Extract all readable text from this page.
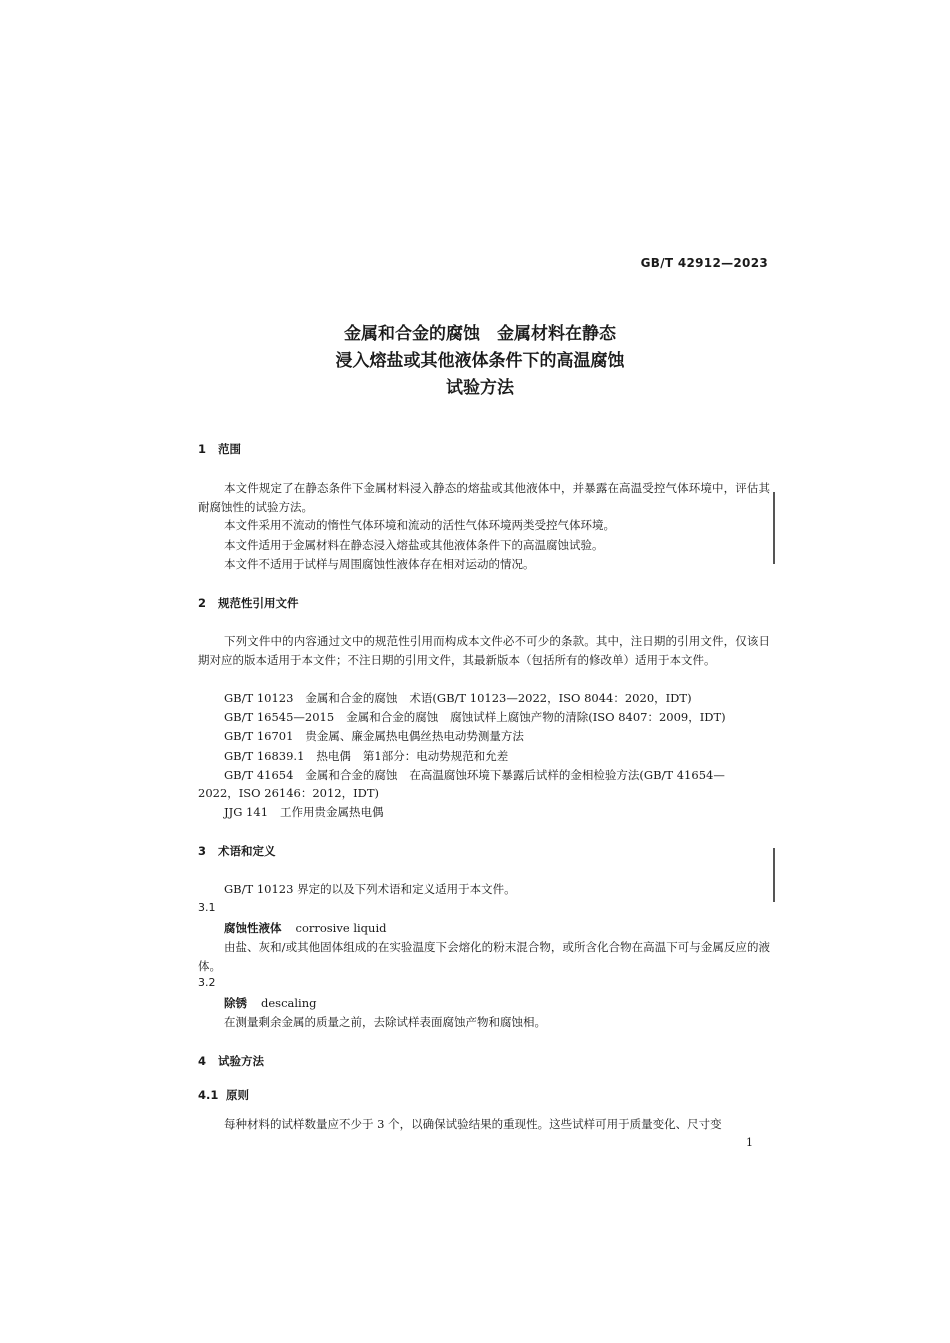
GB/T 42912—2023
金属和合金的腐蚀　金属材料在静态
浸入熔盐或其他液体条件下的高温腐蚀
试验方法
1 范围
本文件规定了在静态条件下金属材料浸入静态的熔盐或其他液体中，并暴露在高温受控气体环境中，评估其耐腐蚀性的试验方法。
本文件采用不流动的惰性气体环境和流动的活性气体环境两类受控气体环境。
本文件适用于金属材料在静态浸入熔盐或其他液体条件下的高温腐蚀试验。
本文件不适用于试样与周围腐蚀性液体存在相对运动的情况。
2 规范性引用文件
下列文件中的内容通过文中的规范性引用而构成本文件必不可少的条款。其中，注日期的引用文件，仅该日期对应的版本适用于本文件；不注日期的引用文件，其最新版本（包括所有的修改单）适用于本文件。
GB/T 10123 金属和合金的腐蚀 术语(GB/T 10123—2022，ISO 8044：2020，IDT)
GB/T 16545—2015 金属和合金的腐蚀 腐蚀试样上腐蚀产物的清除(ISO 8407：2009，IDT)
GB/T 16701 贵金属、廉金属热电偶丝热电动势测量方法
GB/T 16839.1 热电偶 第1部分：电动势规范和允差
GB/T 41654 金属和合金的腐蚀 在高温腐蚀环境下暴露后试样的金相检验方法(GB/T 41654—
2022，ISO 26146：2012，IDT)
JJG 141 工作用贵金属热电偶
3 术语和定义
GB/T 10123 界定的以及下列术语和定义适用于本文件。
3.1
腐蚀性液体 corrosive liquid
由盐、灰和/或其他固体组成的在实验温度下会熔化的粉末混合物，或所含化合物在高温下可与金属反应的液体。
3.2
除锈 descaling
在测量剩余金属的质量之前，去除试样表面腐蚀产物和腐蚀相。
4 试验方法
4.1 原则
每种材料的试样数量应不少于 3 个，以确保试验结果的重现性。这些试样可用于质量变化、尺寸变
1
